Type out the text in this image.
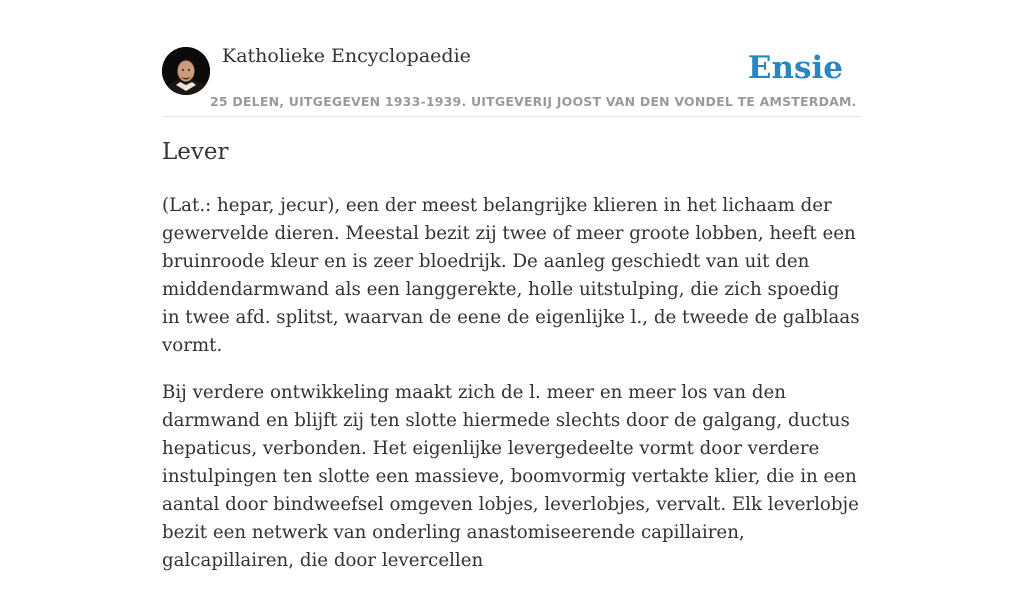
Katholieke Encyclopaedie	Ensie
25 DELEN, UITGEGEVEN 1933-1939. UITGEVERIJ JOOST VAN DEN VONDEL TE AMSTERDAM.
Lever

(Lat.: hepar, jecur), een der meest belangrijke klieren in het lichaam der gewervelde dieren. Meestal bezit zij twee of meer groote lobben, heeft een bruinroode kleur en is zeer bloedrijk. De aanleg geschiedt van uit den middendarmwand als een langgerekte, holle uitstulping, die zich spoedig in twee afd. splitst, waarvan de eene de eigenlijke l., de tweede de galblaas vormt.

Bij verdere ontwikkeling maakt zich de l. meer en meer los van den darmwand en blijft zij ten slotte hiermede slechts door de galgang, ductus hepaticus, verbonden. Het eigenlijke levergedeelte vormt door verdere instulpingen ten slotte een massieve, boomvormig vertakte klier, die in een aantal door bindweefsel omgeven lobjes, leverlobjes, vervalt. Elk leverlobje bezit een netwerk van onderling anastomiseerende capillairen, galcapillairen, die door levercellen
